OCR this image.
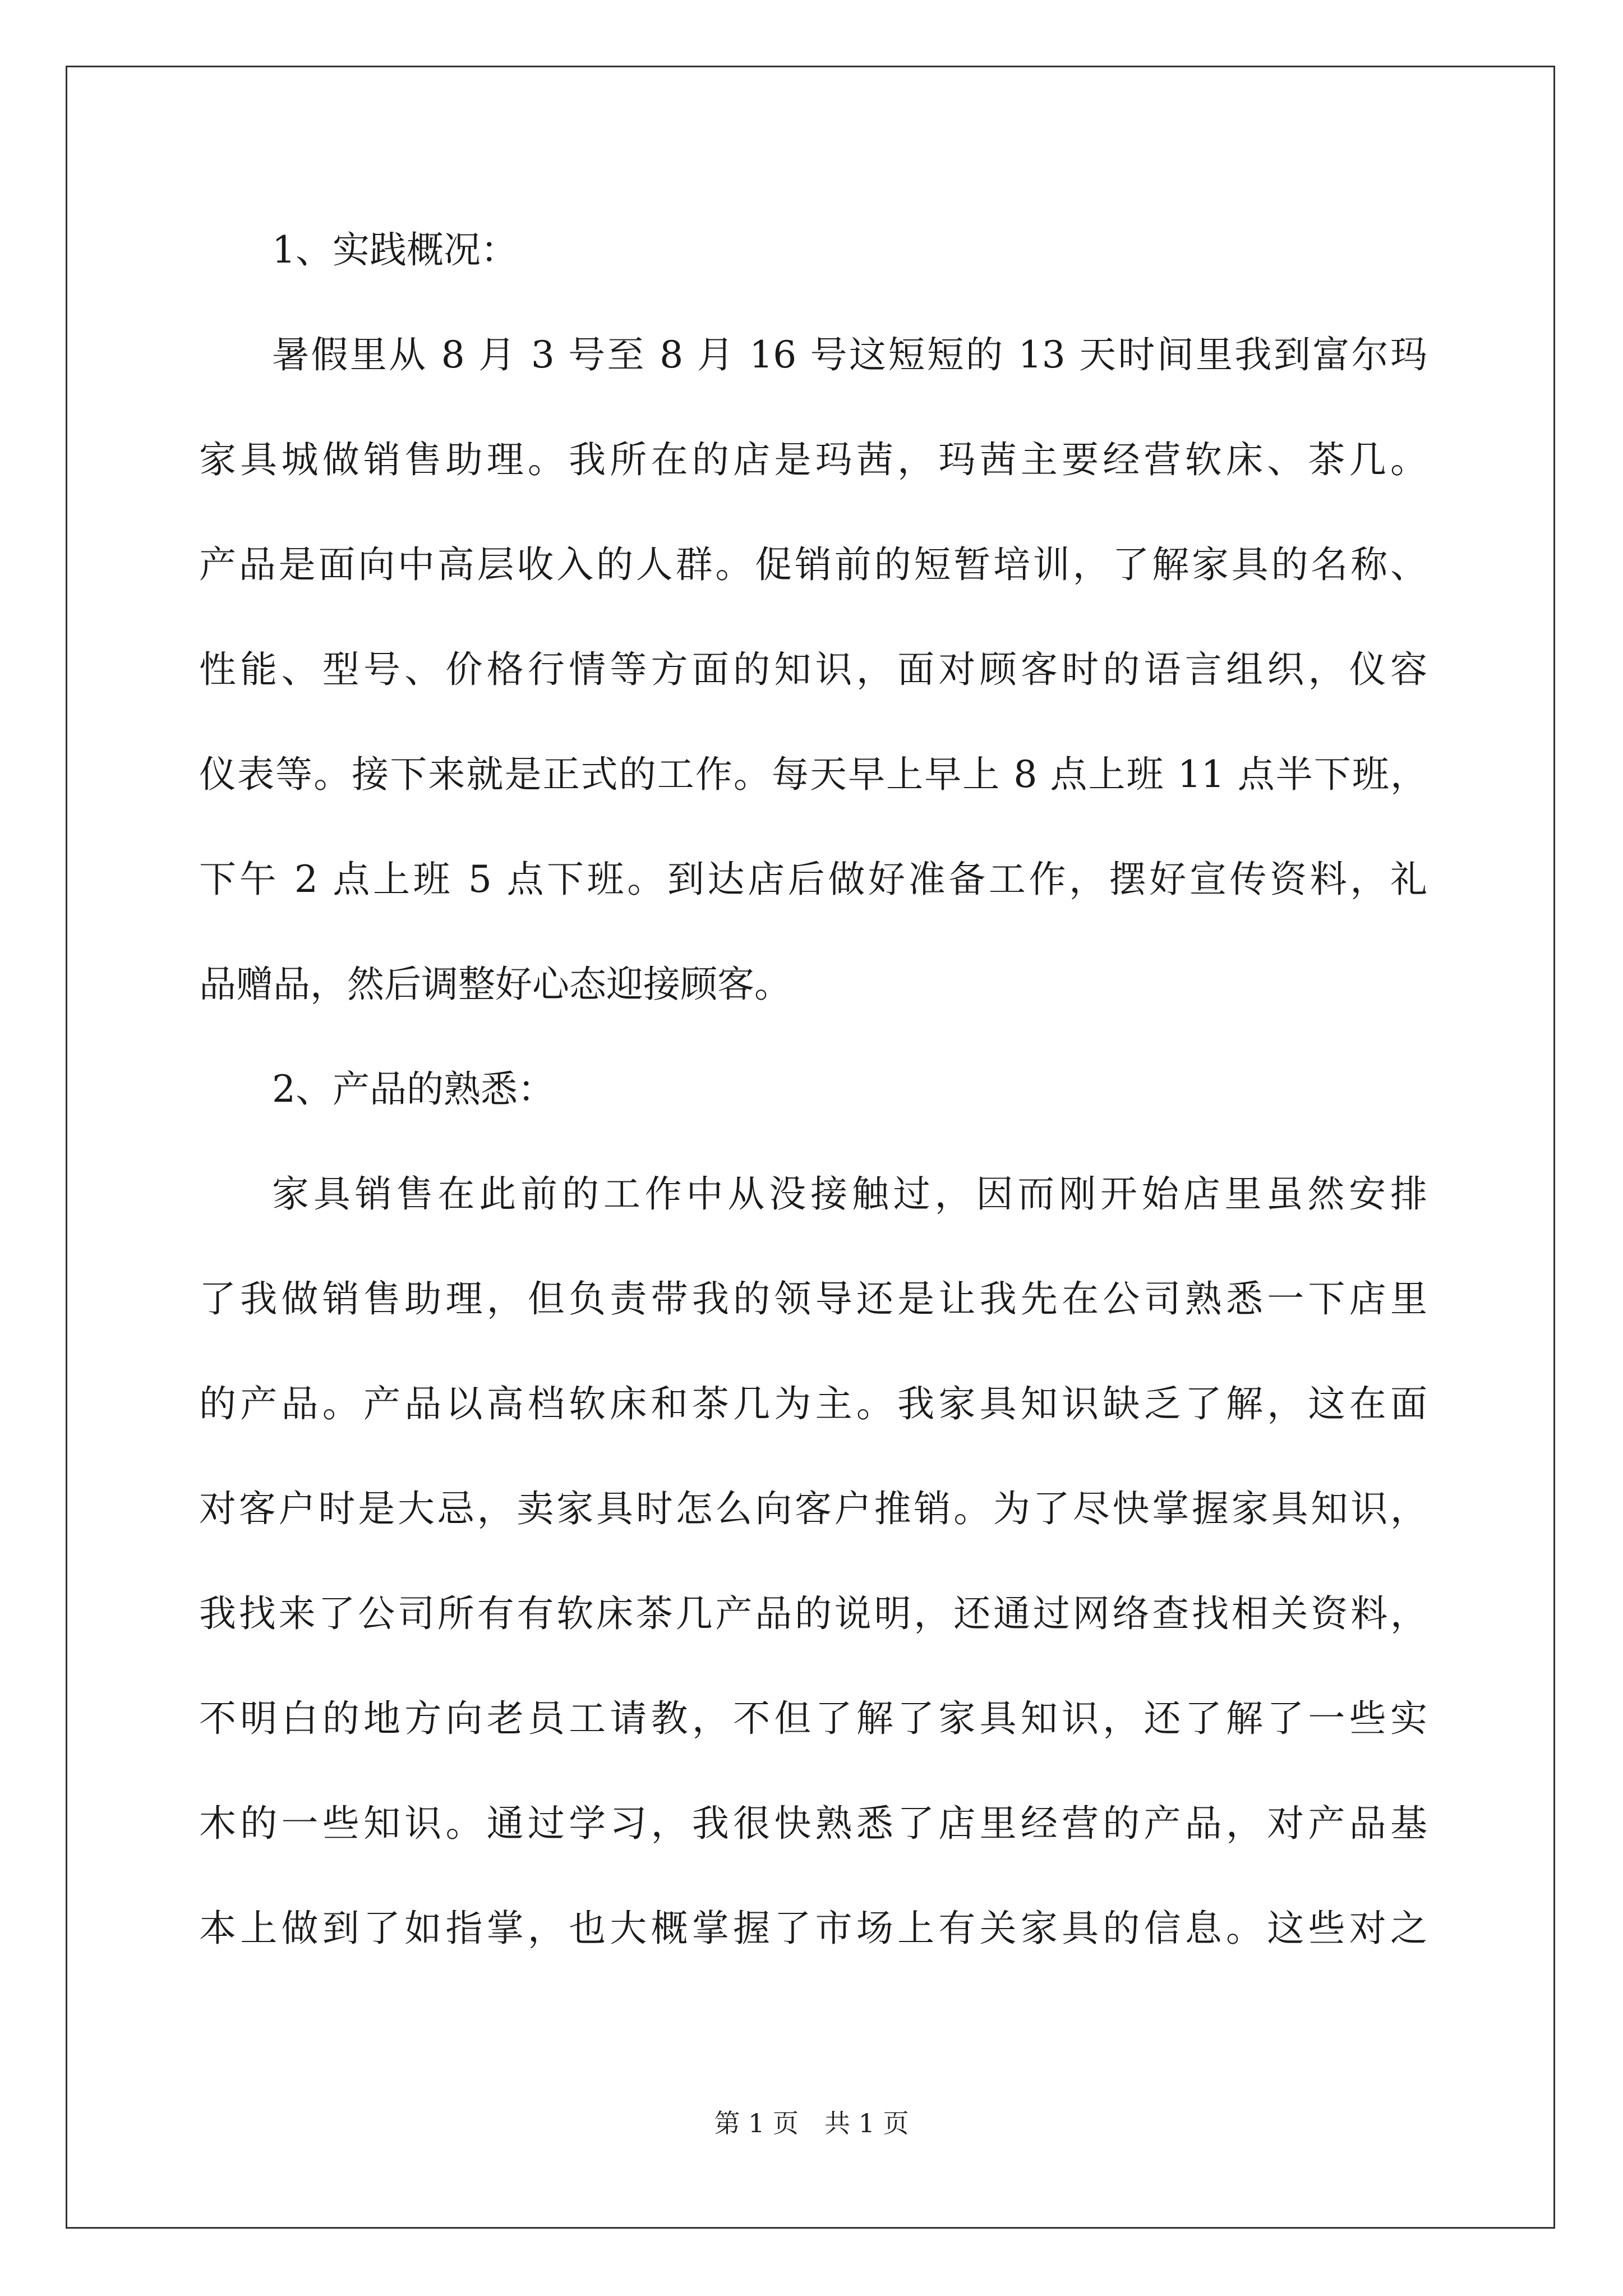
1、实践概况：

暑假里从 8 月 3 号至 8 月 16 号这短短的 13 天时间里我到富尔玛
家具城做销售助理。我所在的店是玛茜，玛茜主要经营软床、茶几。
产品是面向中高层收入的人群。促销前的短暂培训，了解家具的名称、
性能、型号、价格行情等方面的知识，面对顾客时的语言组织，仪容
仪表等。接下来就是正式的工作。每天早上早上 8 点上班 11 点半下班，
下午 2 点上班 5 点下班。到达店后做好准备工作，摆好宣传资料，礼
品赠品，然后调整好心态迎接顾客。

2、产品的熟悉：

家具销售在此前的工作中从没接触过，因而刚开始店里虽然安排
了我做销售助理，但负责带我的领导还是让我先在公司熟悉一下店里
的产品。产品以高档软床和茶几为主。我家具知识缺乏了解，这在面
对客户时是大忌，卖家具时怎么向客户推销。为了尽快掌握家具知识，
我找来了公司所有有软床茶几产品的说明，还通过网络查找相关资料，
不明白的地方向老员工请教，不但了解了家具知识，还了解了一些实
木的一些知识。通过学习，我很快熟悉了店里经营的产品，对产品基
本上做到了如指掌，也大概掌握了市场上有关家具的信息。这些对之

第 1 页　共 1 页
